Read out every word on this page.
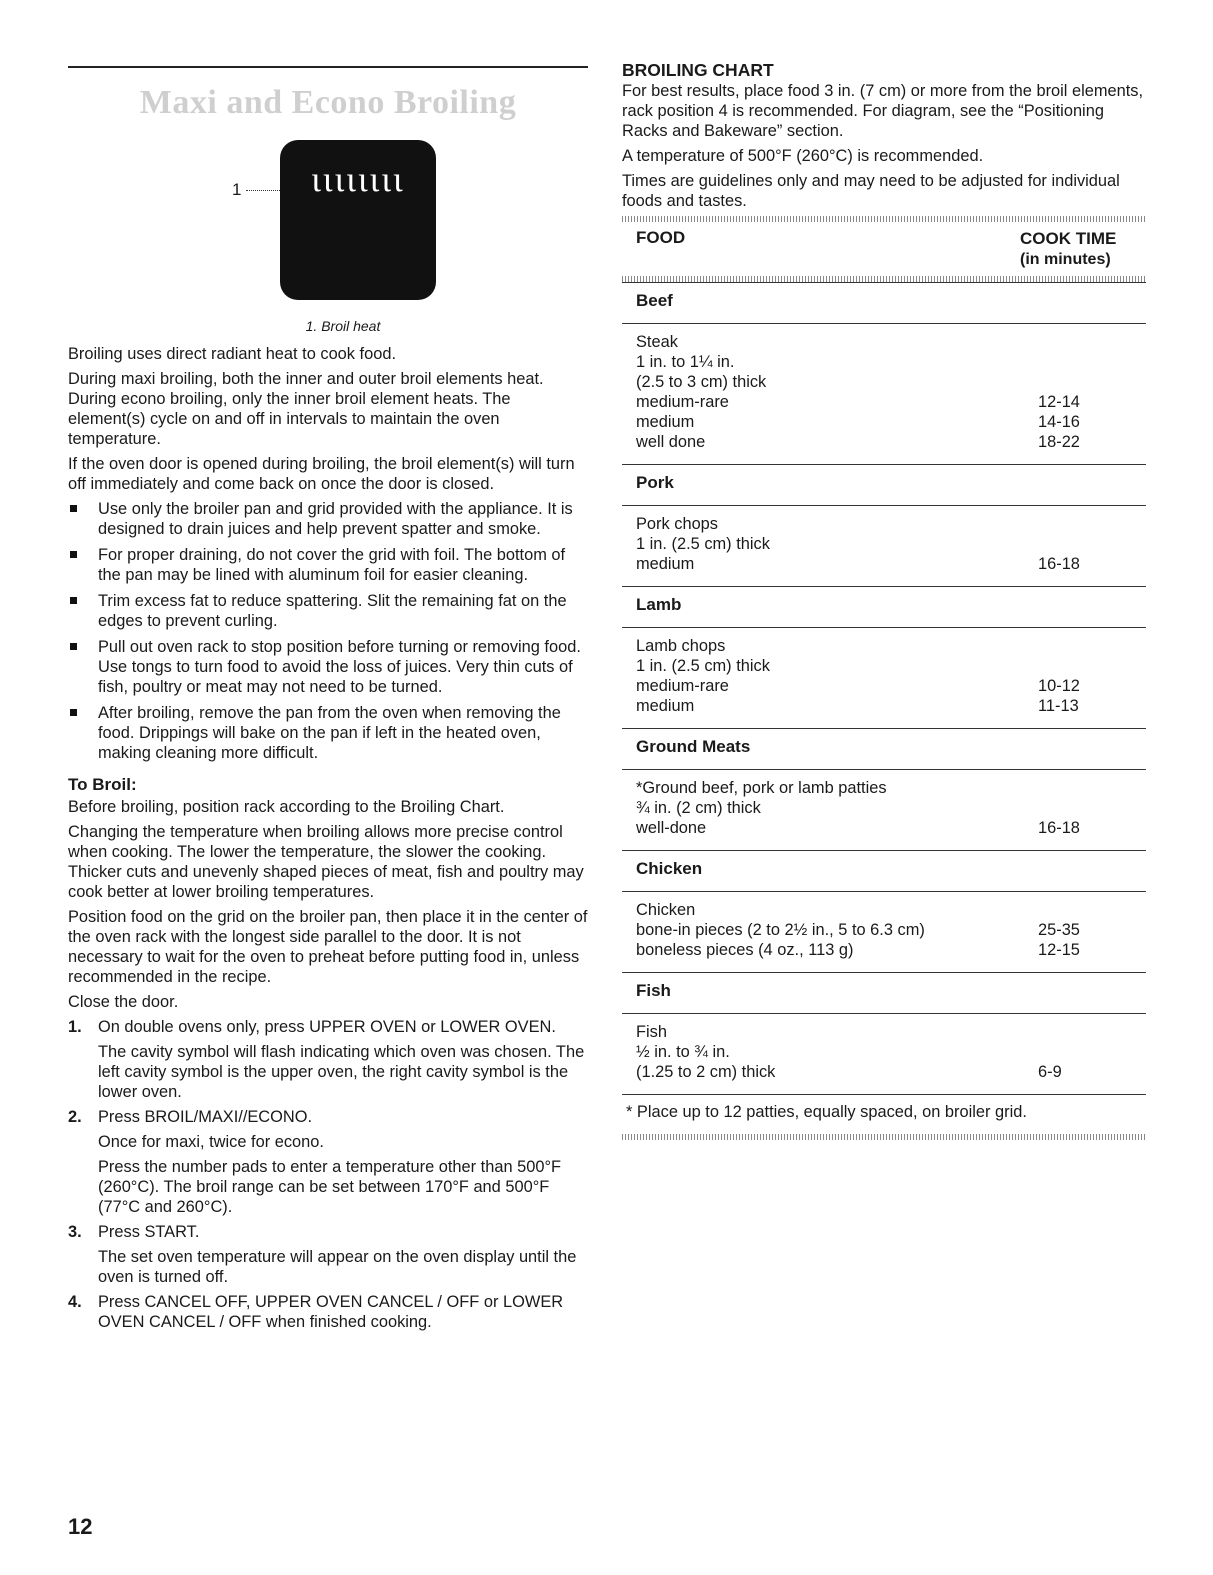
Maxi and Econo Broiling
1	ιιιιιιιι
1. Broil heat

Broiling uses direct radiant heat to cook food.

During maxi broiling, both the inner and outer broil elements heat. During econo broiling, only the inner broil element heats. The element(s) cycle on and off in intervals to maintain the oven temperature.

If the oven door is opened during broiling, the broil element(s) will turn off immediately and come back on once the door is closed.

Use only the broiler pan and grid provided with the appliance. It is designed to drain juices and help prevent spatter and smoke.
For proper draining, do not cover the grid with foil. The bottom of the pan may be lined with aluminum foil for easier cleaning.
Trim excess fat to reduce spattering. Slit the remaining fat on the edges to prevent curling.
Pull out oven rack to stop position before turning or removing food. Use tongs to turn food to avoid the loss of juices. Very thin cuts of fish, poultry or meat may not need to be turned.
After broiling, remove the pan from the oven when removing the food. Drippings will bake on the pan if left in the heated oven, making cleaning more difficult.
To Broil:

Before broiling, position rack according to the Broiling Chart.

Changing the temperature when broiling allows more precise control when cooking. The lower the temperature, the slower the cooking. Thicker cuts and unevenly shaped pieces of meat, fish and poultry may cook better at lower broiling temperatures.

Position food on the grid on the broiler pan, then place it in the center of the oven rack with the longest side parallel to the door. It is not necessary to wait for the oven to preheat before putting food in, unless recommended in the recipe.

Close the door.

1. On double ovens only, press UPPER OVEN or LOWER OVEN.
The cavity symbol will flash indicating which oven was chosen. The left cavity symbol is the upper oven, the right cavity symbol is the lower oven.
2. Press BROIL/MAXI//ECONO.
Once for maxi, twice for econo.
Press the number pads to enter a temperature other than 500°F (260°C). The broil range can be set between 170°F and 500°F (77°C and 260°C).
3. Press START.
The set oven temperature will appear on the oven display until the oven is turned off.
4. Press CANCEL OFF, UPPER OVEN CANCEL / OFF or LOWER OVEN CANCEL / OFF when finished cooking.
12
BROILING CHART

For best results, place food 3 in. (7 cm) or more from the broil elements, rack position 4 is recommended. For diagram, see the “Positioning Racks and Bakeware” section.

A temperature of 500°F (260°C) is recommended.

Times are guidelines only and may need to be adjusted for individual foods and tastes.

FOOD	COOK TIME
(in minutes)
Beef
Steak
1 in. to 1¼ in.
(2.5 to 3 cm) thick
medium-rare	12-14
medium	14-16
well done	18-22
Pork
Pork chops
1 in. (2.5 cm) thick
medium	16-18
Lamb
Lamb chops
1 in. (2.5 cm) thick
medium-rare	10-12
medium	11-13
Ground Meats
*Ground beef, pork or lamb patties
¾ in. (2 cm) thick
well-done	16-18
Chicken
Chicken
bone-in pieces (2 to 2½ in., 5 to 6.3 cm)	25-35
boneless pieces (4 oz., 113 g)	12-15
Fish
Fish
½ in. to ¾ in.
(1.25 to 2 cm) thick	6-9
* Place up to 12 patties, equally spaced, on broiler grid.
